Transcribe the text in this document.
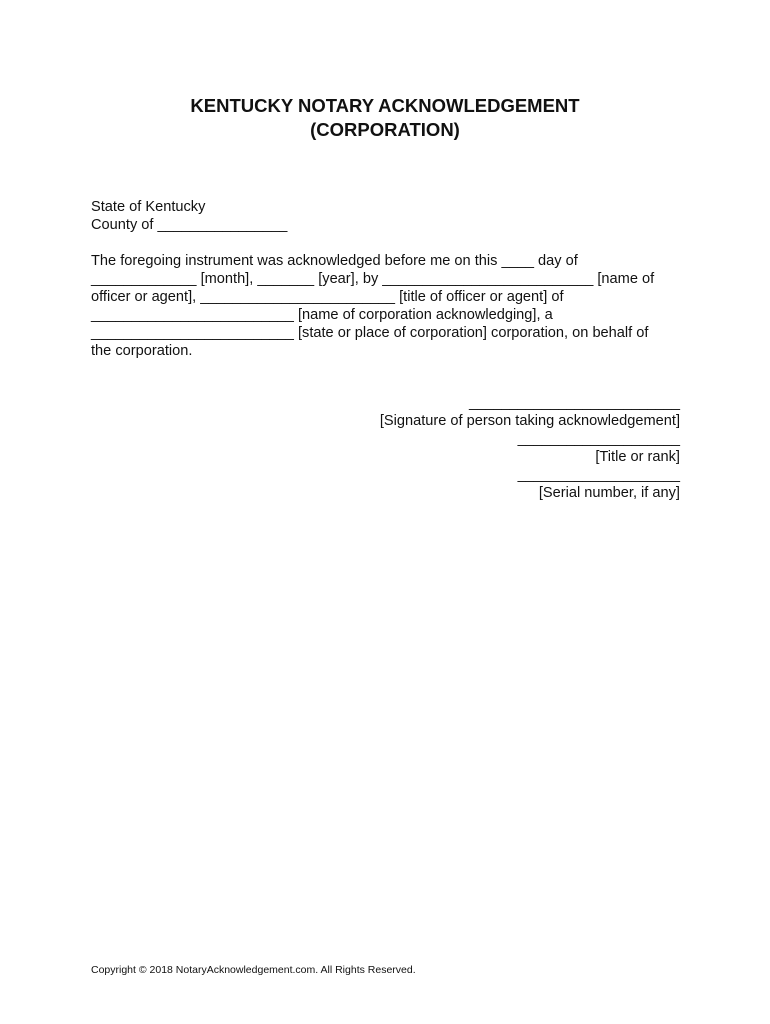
KENTUCKY NOTARY ACKNOWLEDGEMENT
(CORPORATION)
State of Kentucky
County of ________________
The foregoing instrument was acknowledged before me on this ____ day of
_____________ [month], _______ [year], by __________________________ [name of
officer or agent], ________________________ [title of officer or agent] of
_________________________ [name of corporation acknowledging], a
_________________________ [state or place of corporation] corporation, on behalf of
the corporation.
__________________________
[Signature of person taking acknowledgement]
____________________
[Title or rank]
____________________
[Serial number, if any]
Copyright © 2018 NotaryAcknowledgement.com. All Rights Reserved.
